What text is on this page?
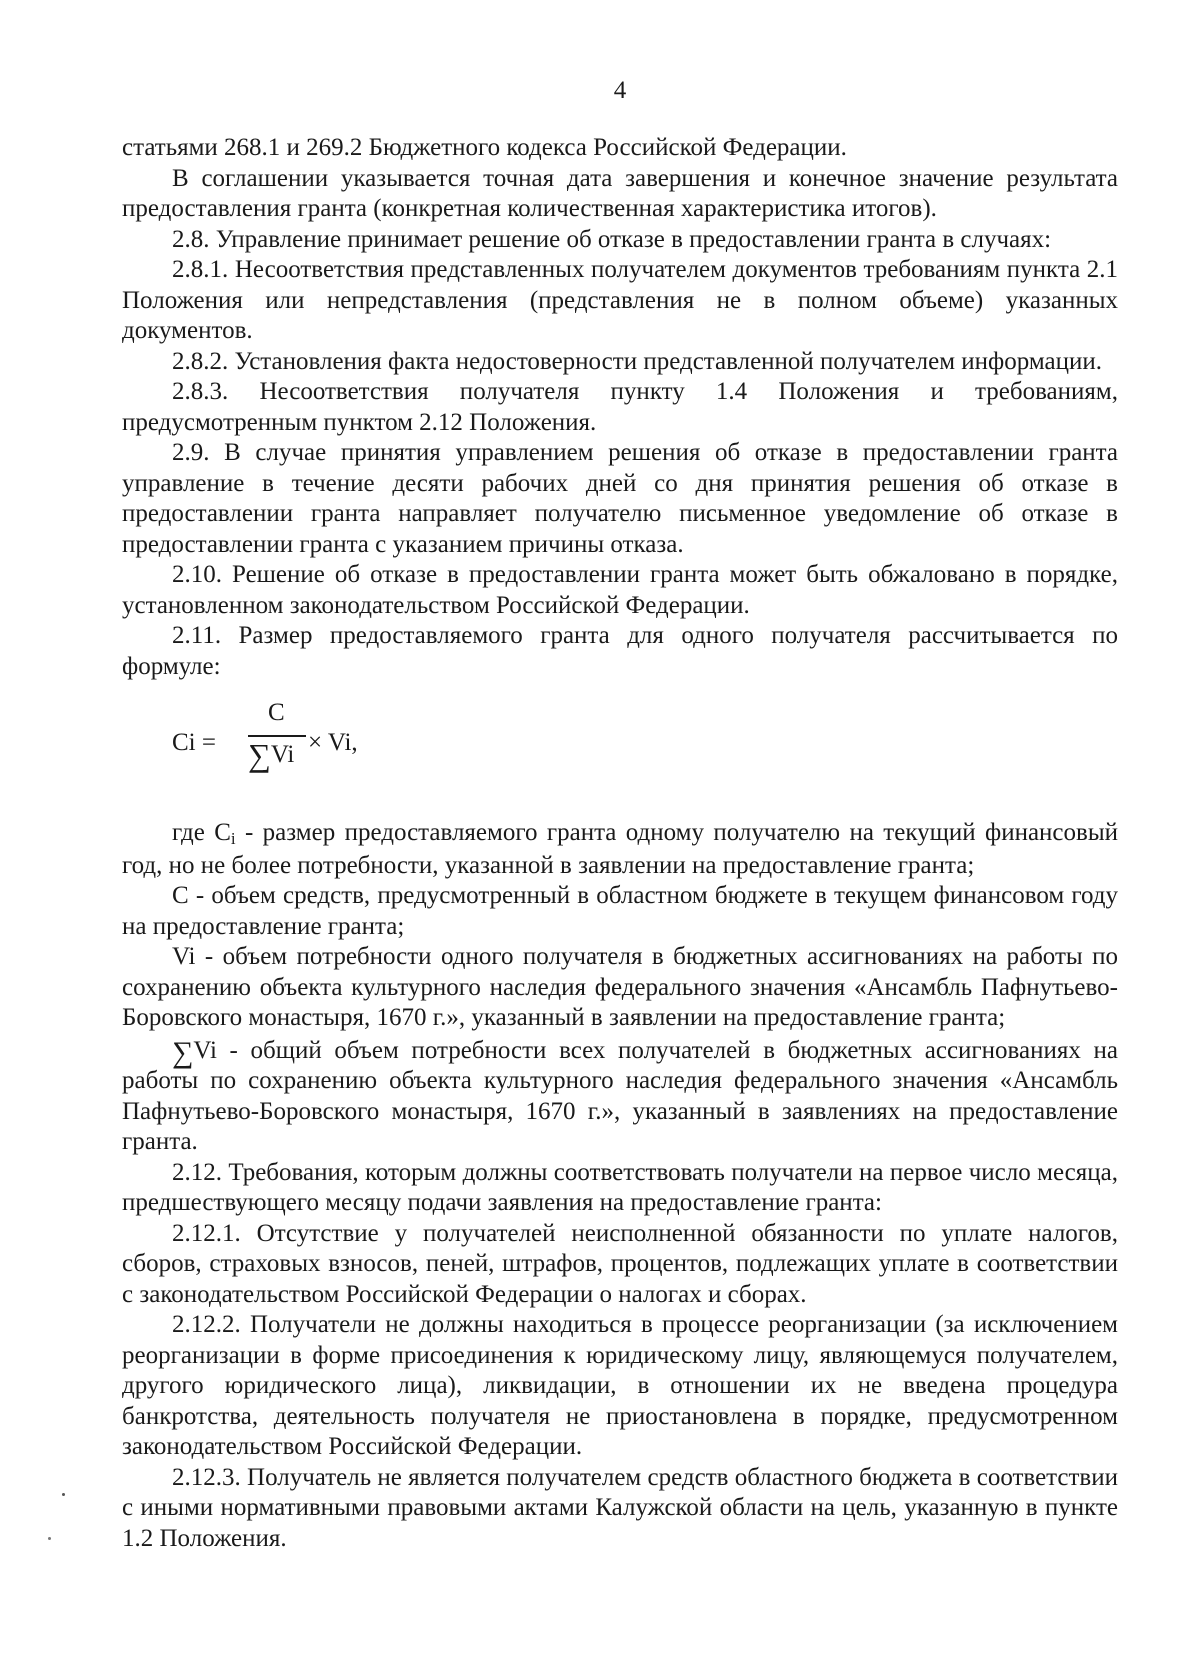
4

статьями 268.1 и 269.2 Бюджетного кодекса Российской Федерации.

В соглашении указывается точная дата завершения и конечное значение результата предоставления гранта (конкретная количественная характеристика итогов).

2.8. Управление принимает решение об отказе в предоставлении гранта в случаях:

2.8.1. Несоответствия представленных получателем документов требованиям пункта 2.1 Положения или непредставления (представления не в полном объеме) указанных документов.

2.8.2. Установления факта недостоверности представленной получателем информации.

2.8.3. Несоответствия получателя пункту 1.4 Положения и требованиям, предусмотренным пунктом 2.12 Положения.

2.9. В случае принятия управлением решения об отказе в предоставлении гранта управление в течение десяти рабочих дней со дня принятия решения об отказе в предоставлении гранта направляет получателю письменное уведомление об отказе в предоставлении гранта с указанием причины отказа.

2.10. Решение об отказе в предоставлении гранта может быть обжаловано в порядке, установленном законодательством Российской Федерации.

2.11. Размер предоставляемого гранта для одного получателя рассчитывается по формуле:

Ci =
C
∑Vi × Vi,

где Ci - размер предоставляемого гранта одному получателю на текущий финансовый год, но не более потребности, указанной в заявлении на предоставление гранта;

С - объем средств, предусмотренный в областном бюджете в текущем финансовом году на предоставление гранта;

Vi - объем потребности одного получателя в бюджетных ассигнованиях на работы по сохранению объекта культурного наследия федерального значения «Ансамбль Пафнутьево-Боровского монастыря, 1670 г.», указанный в заявлении на предоставление гранта;

∑Vi - общий объем потребности всех получателей в бюджетных ассигнованиях на работы по сохранению объекта культурного наследия федерального значения «Ансамбль Пафнутьево-Боровского монастыря, 1670 г.», указанный в заявлениях на предоставление гранта.

2.12. Требования, которым должны соответствовать получатели на первое число месяца, предшествующего месяцу подачи заявления на предоставление гранта:

2.12.1. Отсутствие у получателей неисполненной обязанности по уплате налогов, сборов, страховых взносов, пеней, штрафов, процентов, подлежащих уплате в соответствии с законодательством Российской Федерации о налогах и сборах.

2.12.2. Получатели не должны находиться в процессе реорганизации (за исключением реорганизации в форме присоединения к юридическому лицу, являющемуся получателем, другого юридического лица), ликвидации, в отношении их не введена процедура банкротства, деятельность получателя не приостановлена в порядке, предусмотренном законодательством Российской Федерации.

2.12.3. Получатель не является получателем средств областного бюджета в соответствии с иными нормативными правовыми актами Калужской области на цель, указанную в пункте 1.2 Положения.
